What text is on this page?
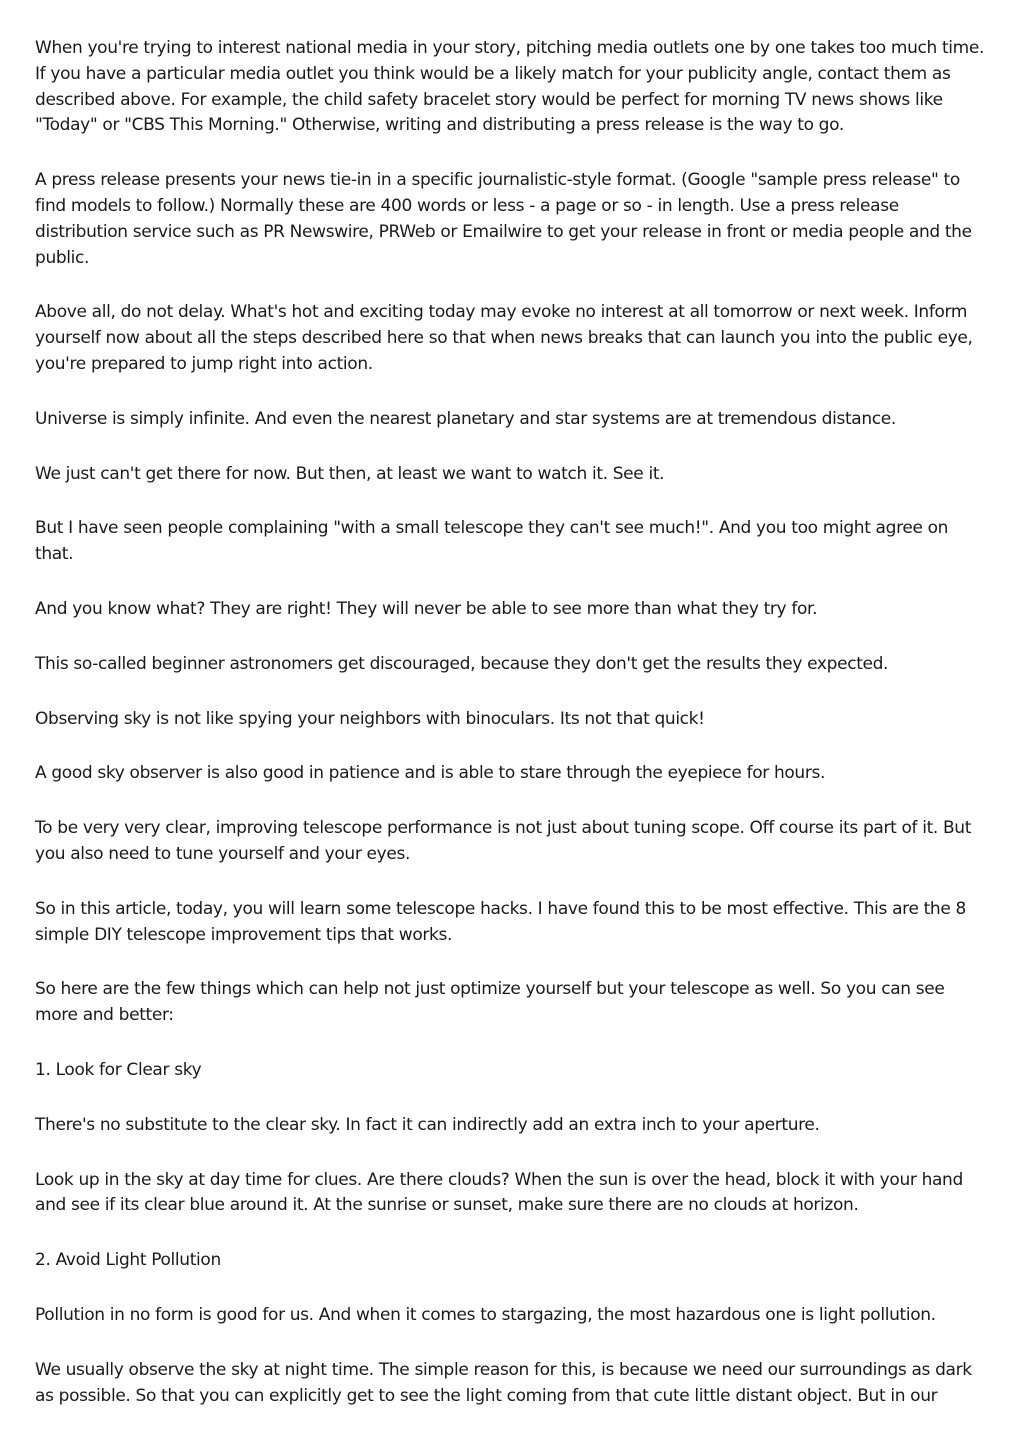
When you're trying to interest national media in your story, pitching media outlets one by one takes too much time. If you have a particular media outlet you think would be a likely match for your publicity angle, contact them as described above. For example, the child safety bracelet story would be perfect for morning TV news shows like "Today" or "CBS This Morning." Otherwise, writing and distributing a press release is the way to go.

A press release presents your news tie-in in a specific journalistic-style format. (Google "sample press release" to find models to follow.) Normally these are 400 words or less - a page or so - in length. Use a press release distribution service such as PR Newswire, PRWeb or Emailwire to get your release in front or media people and the public.

Above all, do not delay. What's hot and exciting today may evoke no interest at all tomorrow or next week. Inform yourself now about all the steps described here so that when news breaks that can launch you into the public eye, you're prepared to jump right into action.

Universe is simply infinite. And even the nearest planetary and star systems are at tremendous distance.

We just can't get there for now. But then, at least we want to watch it. See it.

But I have seen people complaining "with a small telescope they can't see much!". And you too might agree on that.

And you know what? They are right! They will never be able to see more than what they try for.

This so-called beginner astronomers get discouraged, because they don't get the results they expected.

Observing sky is not like spying your neighbors with binoculars. Its not that quick!

A good sky observer is also good in patience and is able to stare through the eyepiece for hours.

To be very very clear, improving telescope performance is not just about tuning scope. Off course its part of it. But you also need to tune yourself and your eyes.

So in this article, today, you will learn some telescope hacks. I have found this to be most effective. This are the 8 simple DIY telescope improvement tips that works.

So here are the few things which can help not just optimize yourself but your telescope as well. So you can see more and better:

1. Look for Clear sky

There's no substitute to the clear sky. In fact it can indirectly add an extra inch to your aperture.

Look up in the sky at day time for clues. Are there clouds? When the sun is over the head, block it with your hand and see if its clear blue around it. At the sunrise or sunset, make sure there are no clouds at horizon.

2. Avoid Light Pollution

Pollution in no form is good for us. And when it comes to stargazing, the most hazardous one is light pollution.

We usually observe the sky at night time. The simple reason for this, is because we need our surroundings as dark as possible. So that you can explicitly get to see the light coming from that cute little distant object. But in our
